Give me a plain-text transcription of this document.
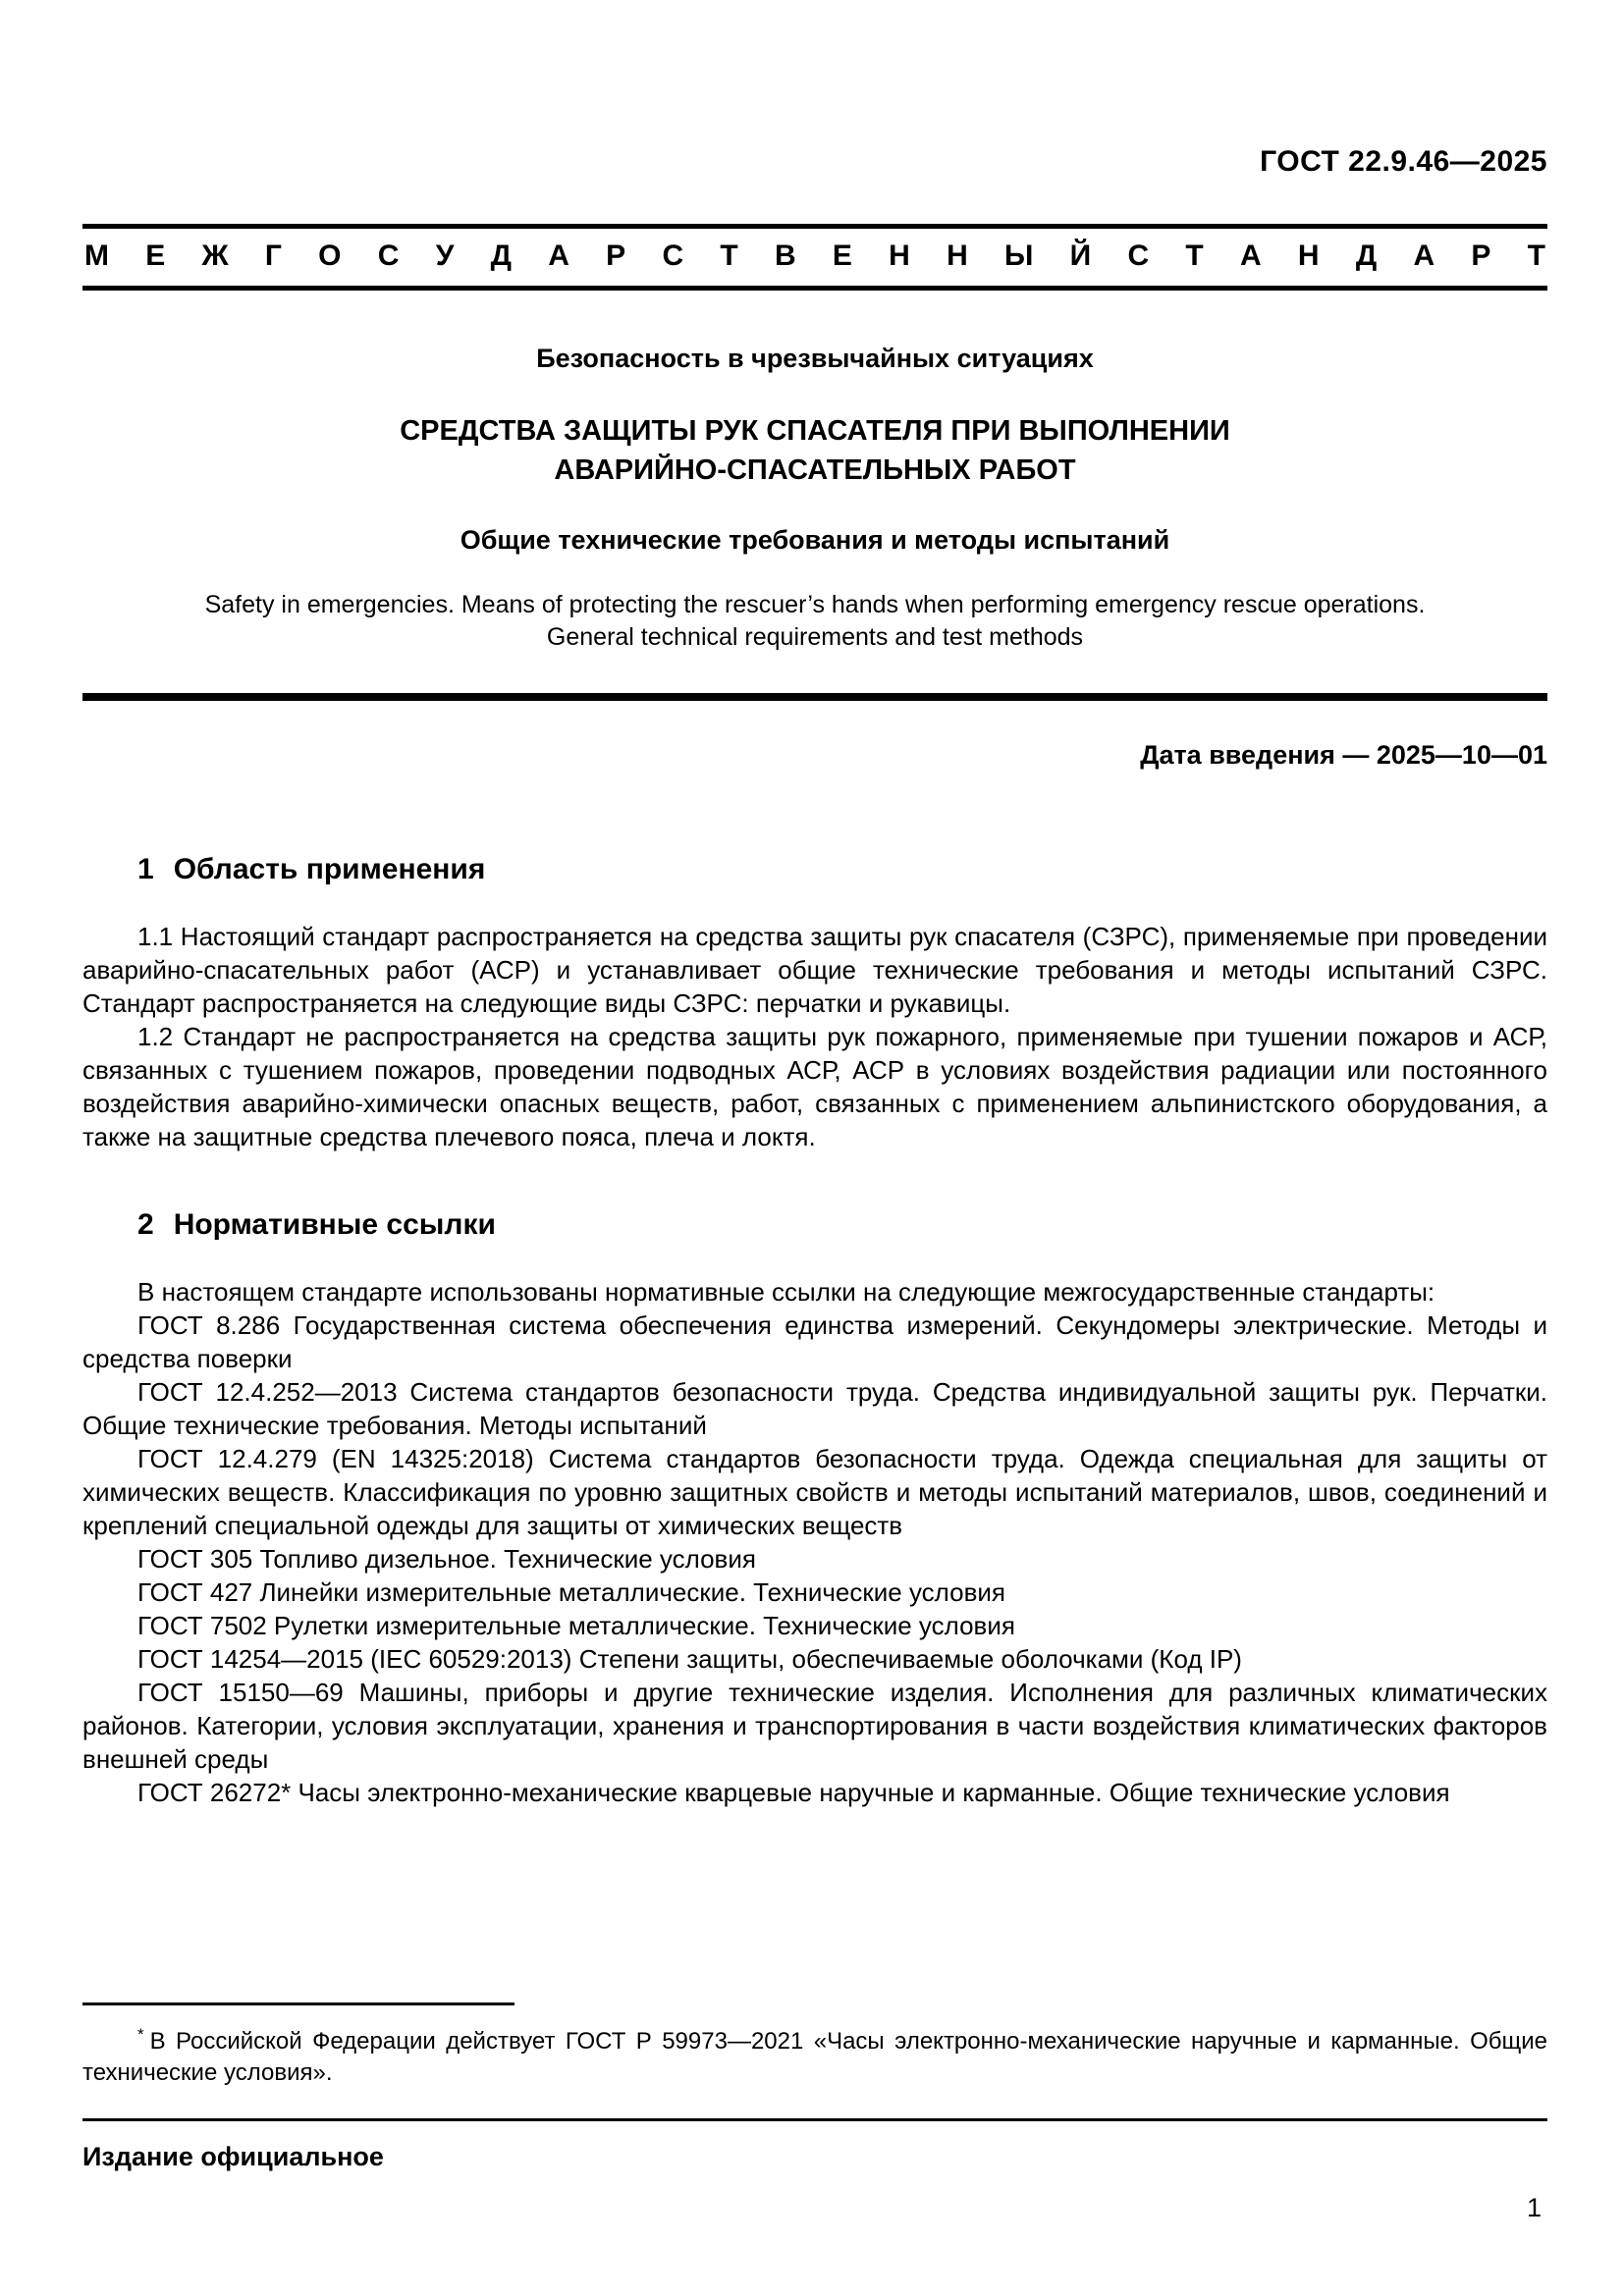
ГОСТ 22.9.46—2025
М Е Ж Г О С У Д А Р С Т В Е Н Н Ы Й С Т А Н Д А Р Т
Безопасность в чрезвычайных ситуациях
СРЕДСТВА ЗАЩИТЫ РУК СПАСАТЕЛЯ ПРИ ВЫПОЛНЕНИИ
АВАРИЙНО-СПАСАТЕЛЬНЫХ РАБОТ
Общие технические требования и методы испытаний
Safety in emergencies. Means of protecting the rescuer’s hands when performing emergency rescue operations.
General technical requirements and test methods
Дата введения — 2025—10—01
1 Область применения

1.1 Настоящий стандарт распространяется на средства защиты рук спасателя (СЗРС), применяемые при проведении аварийно-спасательных работ (АСР) и устанавливает общие технические требования и методы испытаний СЗРС. Стандарт распространяется на следующие виды СЗРС: перчатки и рукавицы.

1.2 Стандарт не распространяется на средства защиты рук пожарного, применяемые при тушении пожаров и АСР, связанных с тушением пожаров, проведении подводных АСР, АСР в условиях воздействия радиации или постоянного воздействия аварийно-химически опасных веществ, работ, связанных с применением альпинистского оборудования, а также на защитные средства плечевого пояса, плеча и локтя.

2 Нормативные ссылки

В настоящем стандарте использованы нормативные ссылки на следующие межгосударственные стандарты:

ГОСТ 8.286 Государственная система обеспечения единства измерений. Секундомеры электрические. Методы и средства поверки

ГОСТ 12.4.252—2013 Система стандартов безопасности труда. Средства индивидуальной защиты рук. Перчатки. Общие технические требования. Методы испытаний

ГОСТ 12.4.279 (EN 14325:2018) Система стандартов безопасности труда. Одежда специальная для защиты от химических веществ. Классификация по уровню защитных свойств и методы испытаний материалов, швов, соединений и креплений специальной одежды для защиты от химических веществ

ГОСТ 305 Топливо дизельное. Технические условия

ГОСТ 427 Линейки измерительные металлические. Технические условия

ГОСТ 7502 Рулетки измерительные металлические. Технические условия

ГОСТ 14254—2015 (IEC 60529:2013) Степени защиты, обеспечиваемые оболочками (Код IP)

ГОСТ 15150—69 Машины, приборы и другие технические изделия. Исполнения для различных климатических районов. Категории, условия эксплуатации, хранения и транспортирования в части воздействия климатических факторов внешней среды

ГОСТ 26272* Часы электронно-механические кварцевые наручные и карманные. Общие технические условия

* В Российской Федерации действует ГОСТ Р 59973—2021 «Часы электронно-механические наручные и карманные. Общие технические условия».

Издание официальное
1
